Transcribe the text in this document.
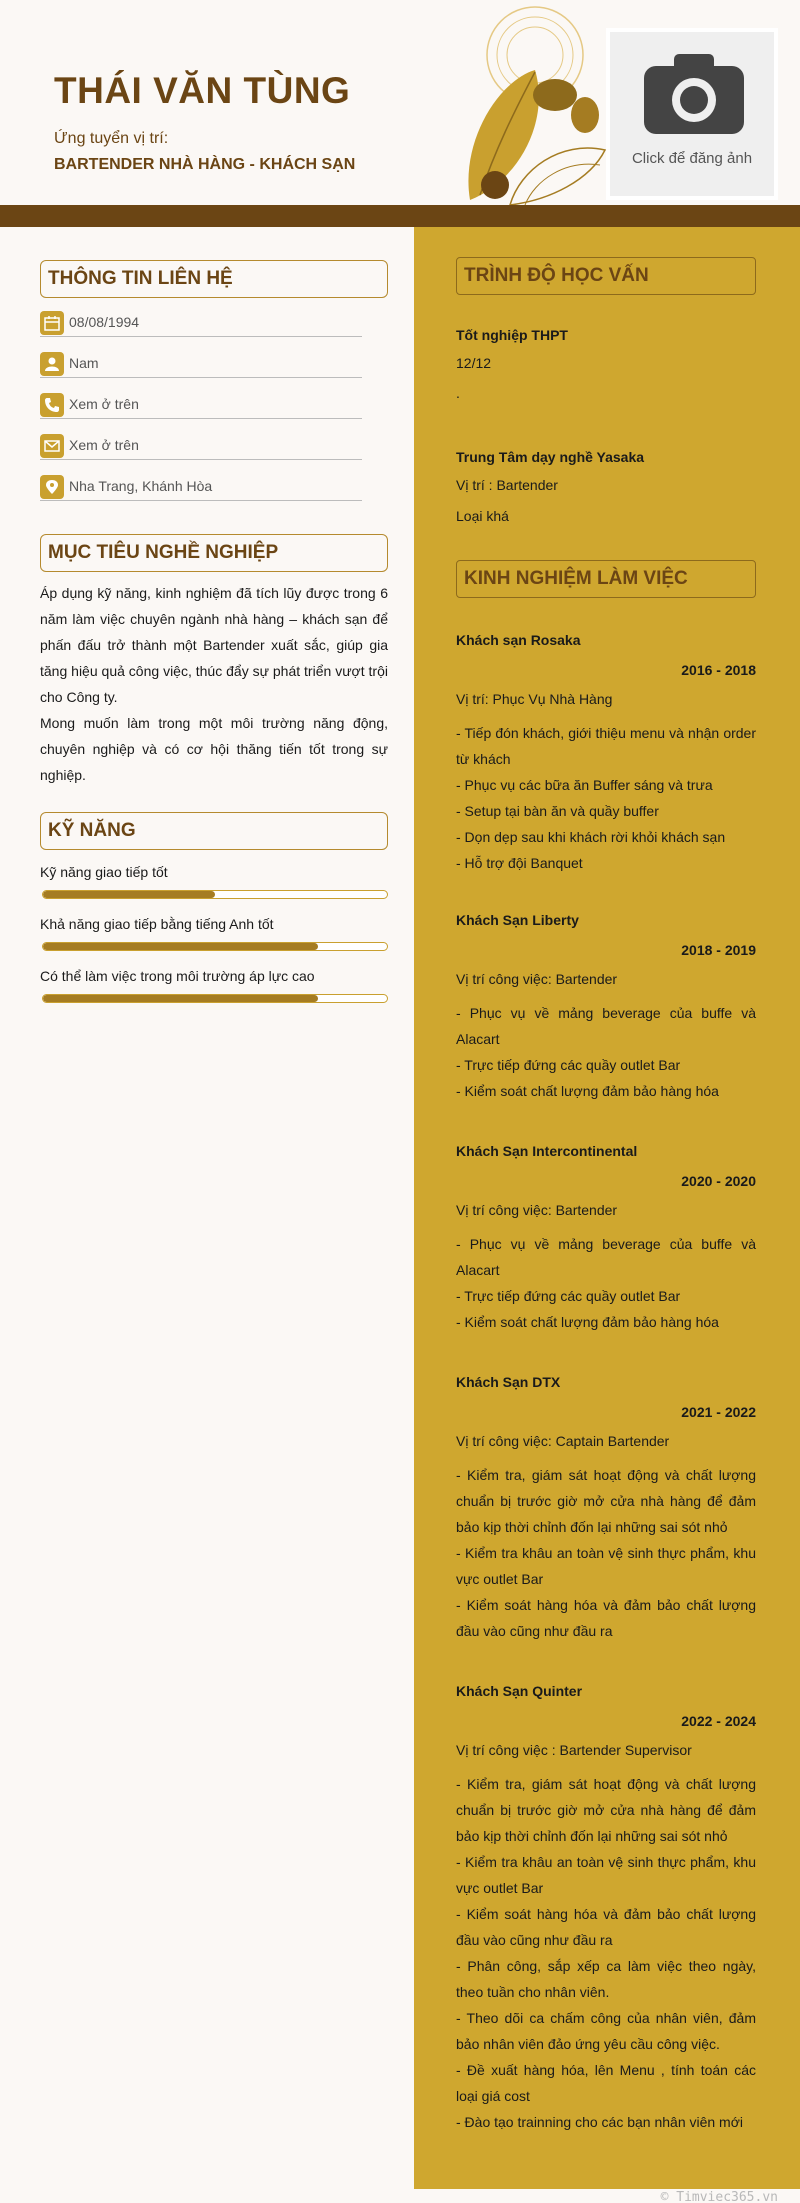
THÁI VĂN TÙNG
Ứng tuyển vị trí:
BARTENDER NHÀ HÀNG - KHÁCH SẠN	Click để đăng ảnh
THÔNG TIN LIÊN HỆ
08/08/1994
Nam
Xem ở trên
Xem ở trên
Nha Trang, Khánh Hòa
MỤC TIÊU NGHỀ NGHIỆP

Áp dụng kỹ năng, kinh nghiệm đã tích lũy được trong 6 năm làm việc chuyên ngành nhà hàng – khách sạn để phấn đấu trở thành một Bartender xuất sắc, giúp gia tăng hiệu quả công việc, thúc đẩy sự phát triển vượt trội cho Công ty.

Mong muốn làm trong một môi trường năng động, chuyên nghiệp và có cơ hội thăng tiến tốt trong sự nghiệp.

KỸ NĂNG
Kỹ năng giao tiếp tốt
Khả năng giao tiếp bằng tiếng Anh tốt
Có thể làm việc trong môi trường áp lực cao
TRÌNH ĐỘ HỌC VẤN
Tốt nghiệp THPT
12/12
.
Trung Tâm dạy nghề Yasaka
Vị trí : Bartender
Loại khá
KINH NGHIỆM LÀM VIỆC
Khách sạn Rosaka
2016 - 2018
Vị trí: Phục Vụ Nhà Hàng
- Tiếp đón khách, giới thiệu menu và nhận order từ khách
- Phục vụ các bữa ăn Buffer sáng và trưa
- Setup tại bàn ăn và quầy buffer
- Dọn dẹp sau khi khách rời khỏi khách sạn
- Hỗ trợ đội Banquet
Khách Sạn Liberty
2018 - 2019
Vị trí công việc: Bartender
- Phục vụ về mảng beverage của buffe và Alacart
- Trực tiếp đứng các quầy outlet Bar
- Kiểm soát chất lượng đảm bảo hàng hóa
Khách Sạn Intercontinental
2020 - 2020
Vị trí công việc: Bartender
- Phục vụ về mảng beverage của buffe và Alacart
- Trực tiếp đứng các quầy outlet Bar
- Kiểm soát chất lượng đảm bảo hàng hóa
Khách Sạn DTX
2021 - 2022
Vị trí công việc: Captain Bartender
- Kiểm tra, giám sát hoạt động và chất lượng chuẩn bị trước giờ mở cửa nhà hàng để đảm bảo kịp thời chỉnh đốn lại những sai sót nhỏ
- Kiểm tra khâu an toàn vệ sinh thực phẩm, khu vực outlet Bar
- Kiểm soát hàng hóa và đảm bảo chất lượng đầu vào cũng như đầu ra
Khách Sạn Quinter
2022 - 2024
Vị trí công việc : Bartender Supervisor
- Kiểm tra, giám sát hoạt động và chất lượng chuẩn bị trước giờ mở cửa nhà hàng để đảm bảo kịp thời chỉnh đốn lại những sai sót nhỏ
- Kiểm tra khâu an toàn vệ sinh thực phẩm, khu vực outlet Bar
- Kiểm soát hàng hóa và đảm bảo chất lượng đầu vào cũng như đầu ra
- Phân công, sắp xếp ca làm việc theo ngày, theo tuần cho nhân viên.
- Theo dõi ca chấm công của nhân viên, đảm bảo nhân viên đảo ứng yêu cầu công việc.
- Đề xuất hàng hóa, lên Menu , tính toán các loại giá cost
- Đào tạo trainning cho các bạn nhân viên mới
© Timviec365.vn
